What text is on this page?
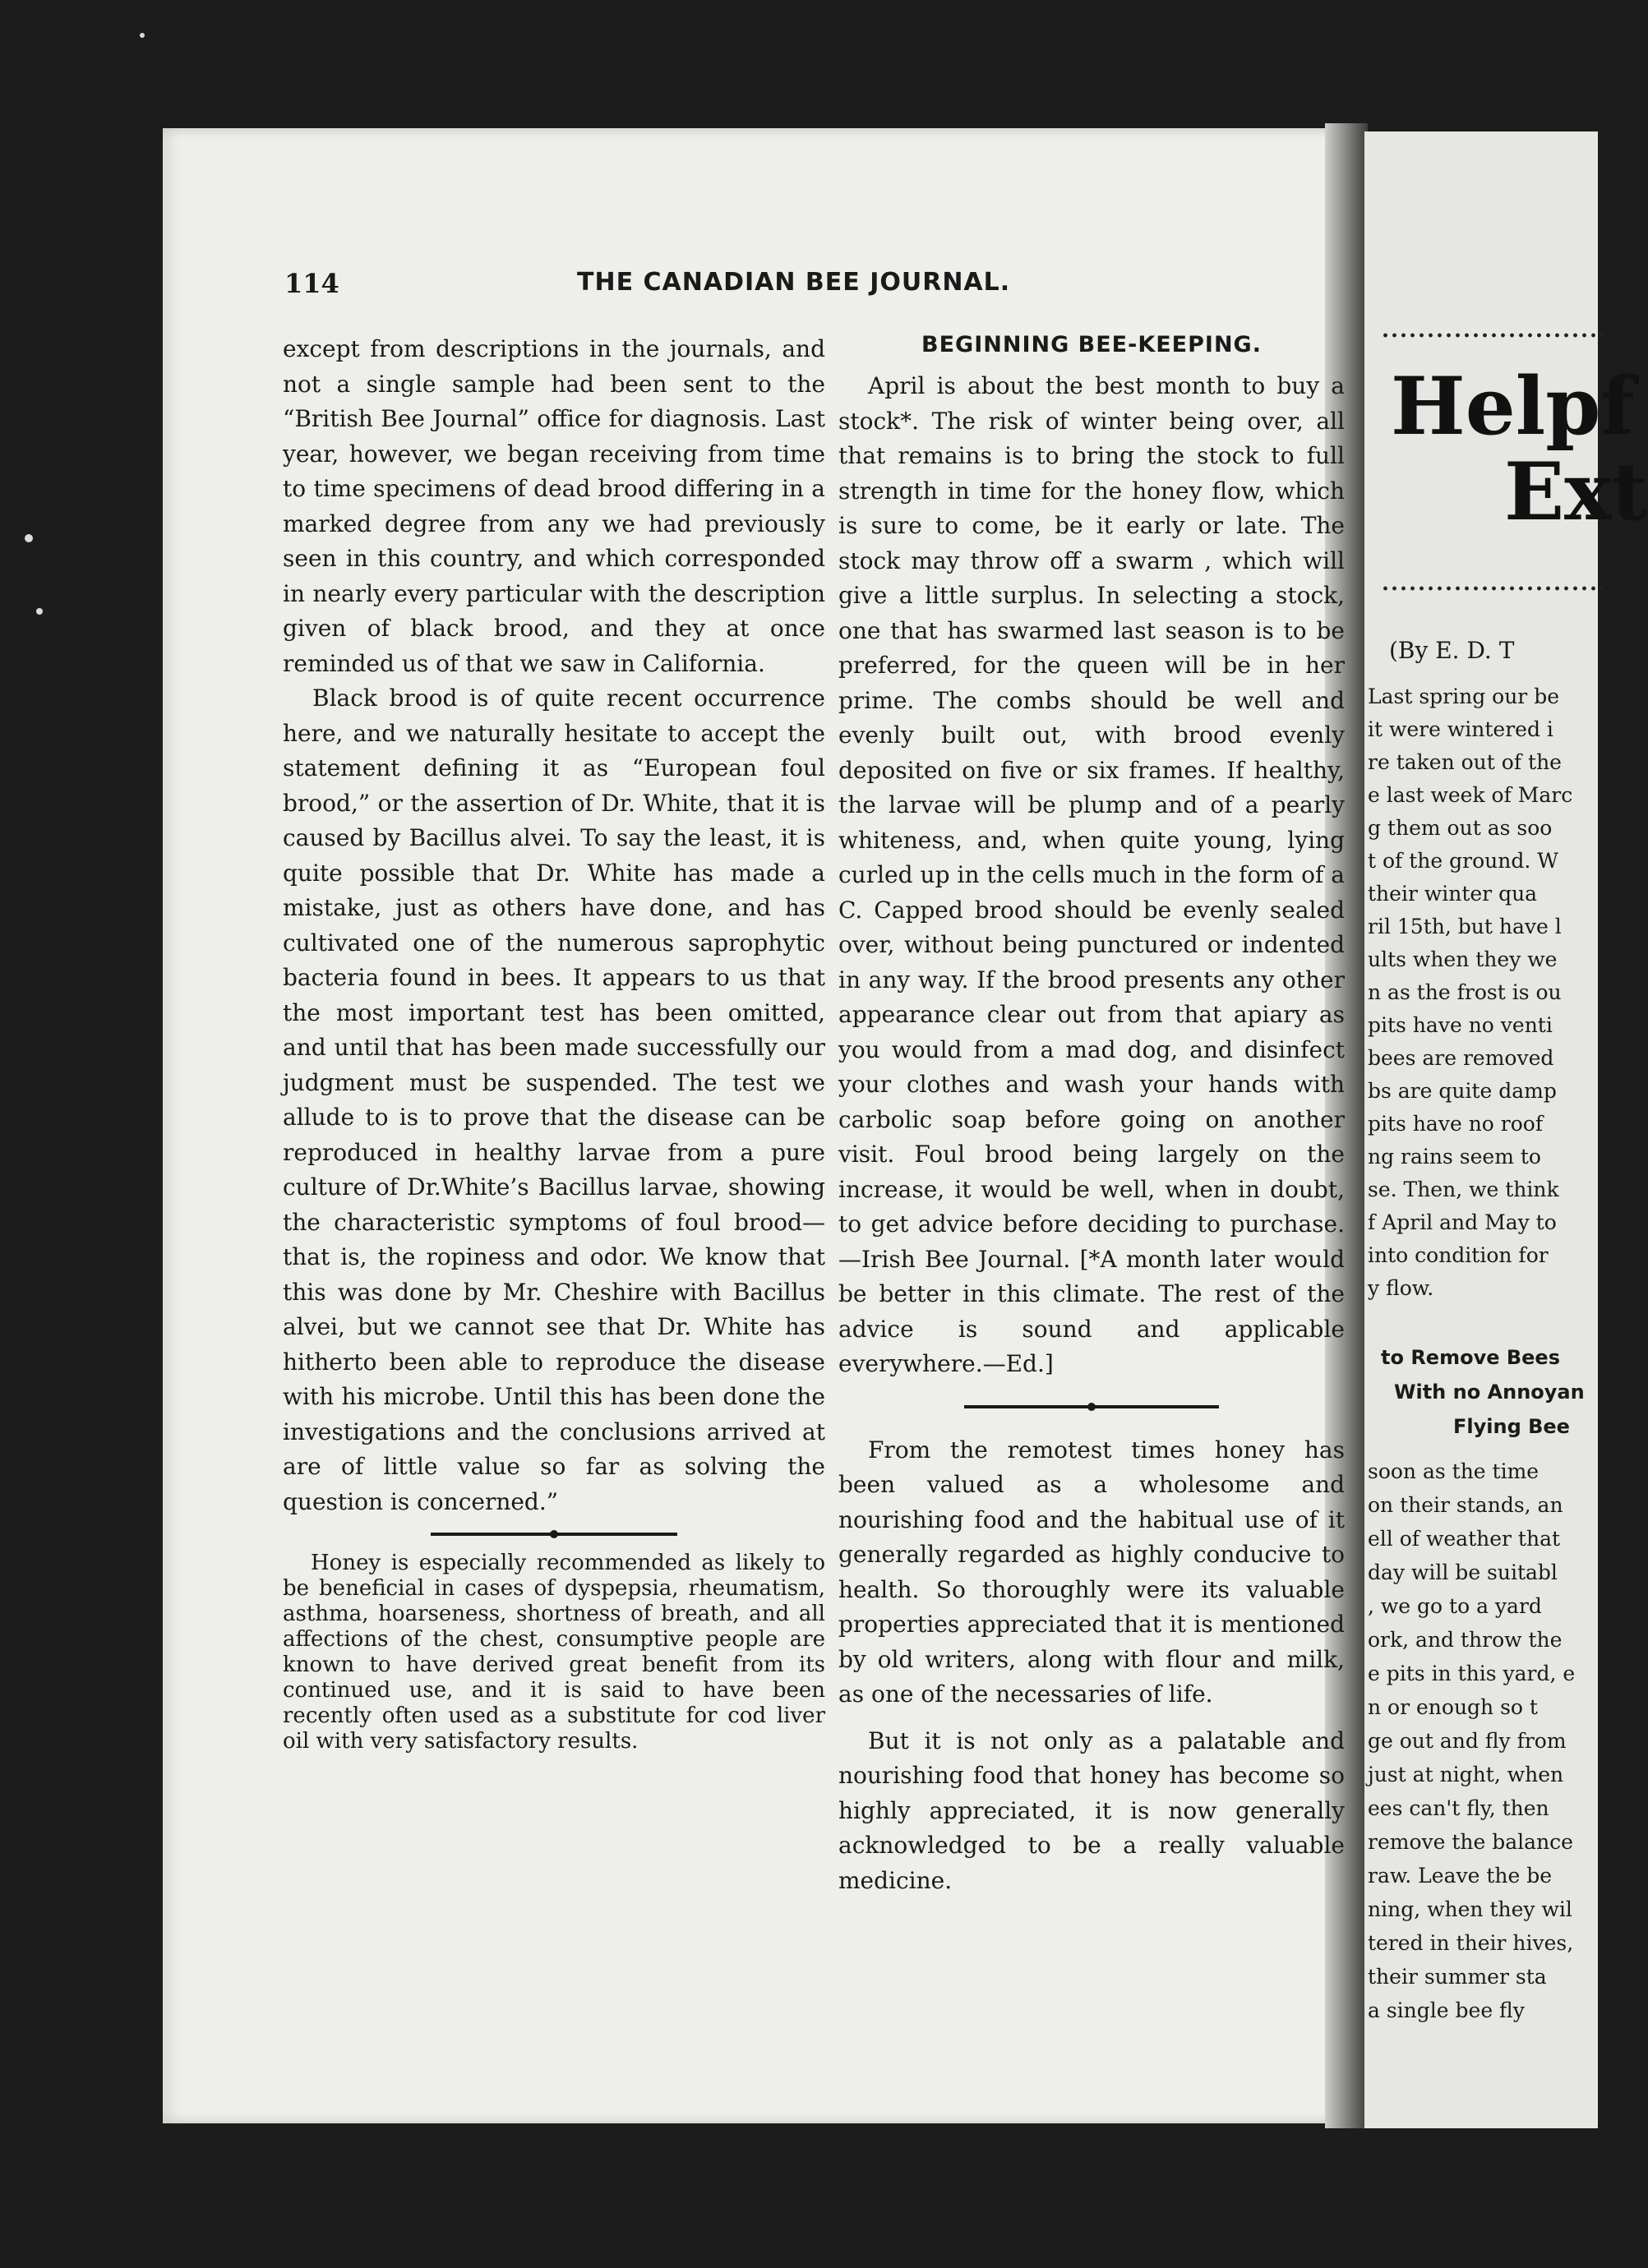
Helpf
Ext
(By E. D. T
Last spring our be
it were wintered i
re taken out of the
e last week of Marc
g them out as soo
t of the ground. W
their winter qua
ril 15th, but have l
ults when they we
n as the frost is ou
pits have no venti
bees are removed
bs are quite damp
pits have no roof
ng rains seem to
se. Then, we think
f April and May to
into condition for
y flow.
to Remove Bees
With no Annoyan
Flying Bee
soon as the time
on their stands, an
ell of weather that
day will be suitabl
, we go to a yard
ork, and throw the
e pits in this yard, e
n or enough so t
ge out and fly from
just at night, when
ees can't fly, then
remove the balance
raw. Leave the be
ning, when they wil
tered in their hives,
their summer sta
a single bee fly
114	THE CANADIAN BEE JOURNAL.

except from descriptions in the journals, and not a single sample had been sent to the “British Bee Journal” office for diagnosis. Last year, however, we began receiving from time to time specimens of dead brood differing in a marked degree from any we had previously seen in this country, and which corresponded in nearly every particular with the description given of black brood, and they at once reminded us of that we saw in California.

Black brood is of quite recent occurrence here, and we naturally hesitate to accept the statement defining it as “European foul brood,” or the assertion of Dr. White, that it is caused by Bacillus alvei. To say the least, it is quite possible that Dr. White has made a mistake, just as others have done, and has cultivated one of the numerous saprophytic bacteria found in bees. It appears to us that the most important test has been omitted, and until that has been made successfully our judgment must be suspended. The test we allude to is to prove that the disease can be reproduced in healthy larvae from a pure culture of Dr.White’s Bacillus larvae, showing the characteristic symptoms of foul brood—that is, the ropiness and odor. We know that this was done by Mr. Cheshire with Bacillus alvei, but we cannot see that Dr. White has hitherto been able to reproduce the disease with his microbe. Until this has been done the investigations and the conclusions arrived at are of little value so far as solving the question is concerned.”

Honey is especially recommended as likely to be beneficial in cases of dyspepsia, rheumatism, asthma, hoarseness, shortness of breath, and all affections of the chest, consumptive people are known to have derived great benefit from its continued use, and it is said to have been recently often used as a substitute for cod liver oil with very satisfactory results.

BEGINNING BEE-KEEPING.

April is about the best month to buy a stock*. The risk of winter being over, all that remains is to bring the stock to full strength in time for the honey flow, which is sure to come, be it early or late. The stock may throw off a swarm , which will give a little surplus. In selecting a stock, one that has swarmed last season is to be preferred, for the queen will be in her prime. The combs should be well and evenly built out, with brood evenly deposited on five or six frames. If healthy, the larvae will be plump and of a pearly whiteness, and, when quite young, lying curled up in the cells much in the form of a C. Capped brood should be evenly sealed over, without being punctured or indented in any way. If the brood presents any other appearance clear out from that apiary as you would from a mad dog, and disinfect your clothes and wash your hands with carbolic soap before going on another visit. Foul brood being largely on the increase, it would be well, when in doubt, to get advice before deciding to purchase.—Irish Bee Journal. [*A month later would be better in this climate. The rest of the advice is sound and applicable everywhere.—Ed.]

From the remotest times honey has been valued as a wholesome and nourishing food and the habitual use of it generally regarded as highly conducive to health. So thoroughly were its valuable properties appreciated that it is mentioned by old writers, along with flour and milk, as one of the necessaries of life.

But it is not only as a palatable and nourishing food that honey has become so highly appreciated, it is now generally acknowledged to be a really valuable medicine.
